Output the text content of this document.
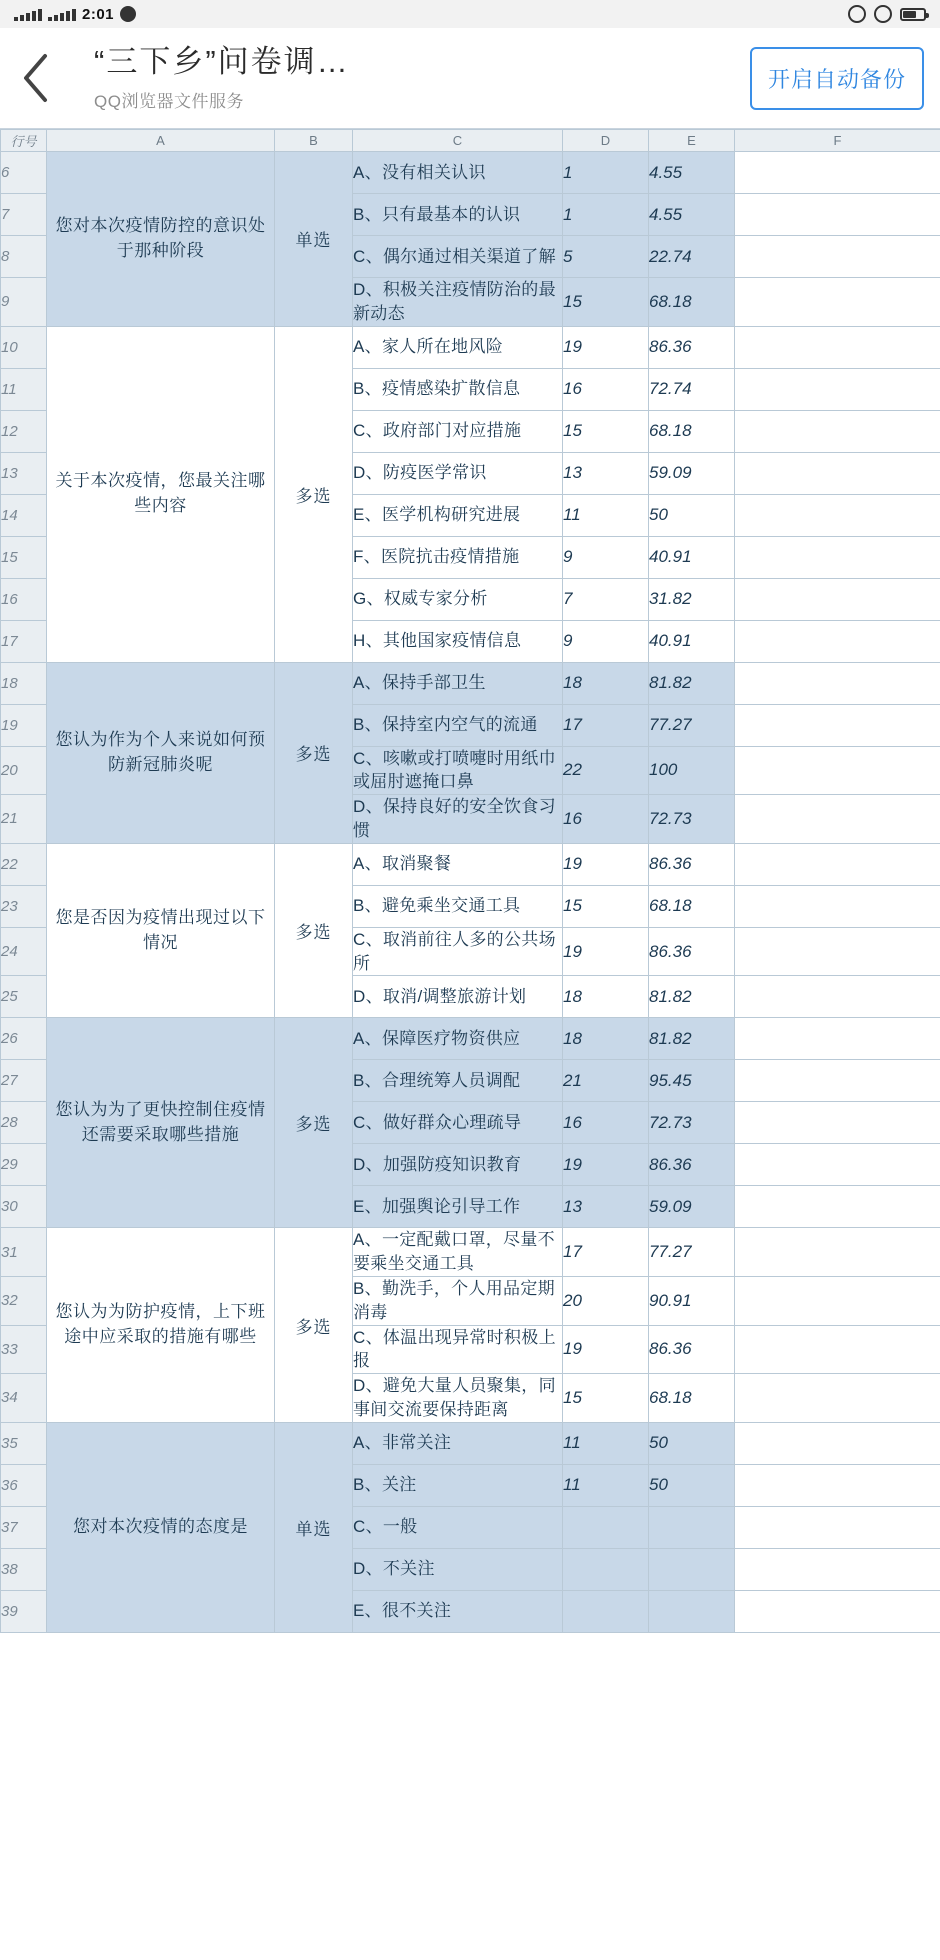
2:01
“三下乡”问卷调…
QQ浏览器文件服务
开启自动备份
行号	A	B	C	D	E	F
6	您对本次疫情防控的意识处于那种阶段	单选	A、没有相关认识	1	4.55	
7			B、只有最基本的认识	1	4.55	
8			C、偶尔通过相关渠道了解	5	22.74	
9			D、积极关注疫情防治的最新动态	15	68.18	
10	关于本次疫情，您最关注哪些内容	多选	A、家人所在地风险	19	86.36	
11			B、疫情感染扩散信息	16	72.74	
12			C、政府部门对应措施	15	68.18	
13			D、防疫医学常识	13	59.09	
14			E、医学机构研究进展	11	50	
15			F、医院抗击疫情措施	9	40.91	
16			G、权威专家分析	7	31.82	
17			H、其他国家疫情信息	9	40.91	
18	您认为作为个人来说如何预防新冠肺炎呢	多选	A、保持手部卫生	18	81.82	
19			B、保持室内空气的流通	17	77.27	
20			C、咳嗽或打喷嚏时用纸巾或屈肘遮掩口鼻	22	100	
21			D、保持良好的安全饮食习惯	16	72.73	
22	您是否因为疫情出现过以下情况	多选	A、取消聚餐	19	86.36	
23			B、避免乘坐交通工具	15	68.18	
24			C、取消前往人多的公共场所	19	86.36	
25			D、取消/调整旅游计划	18	81.82	
26	您认为为了更快控制住疫情还需要采取哪些措施	多选	A、保障医疗物资供应	18	81.82	
27			B、合理统筹人员调配	21	95.45	
28			C、做好群众心理疏导	16	72.73	
29			D、加强防疫知识教育	19	86.36	
30			E、加强舆论引导工作	13	59.09	
31	您认为为防护疫情，上下班途中应采取的措施有哪些	多选	A、一定配戴口罩，尽量不要乘坐交通工具	17	77.27	
32			B、勤洗手，个人用品定期消毒	20	90.91	
33			C、体温出现异常时积极上报	19	86.36	
34			D、避免大量人员聚集，同事间交流要保持距离	15	68.18	
35	您对本次疫情的态度是	单选	A、非常关注	11	50	
36			B、关注	11	50	
37			C、一般			
38			D、不关注			
39			E、很不关注			
